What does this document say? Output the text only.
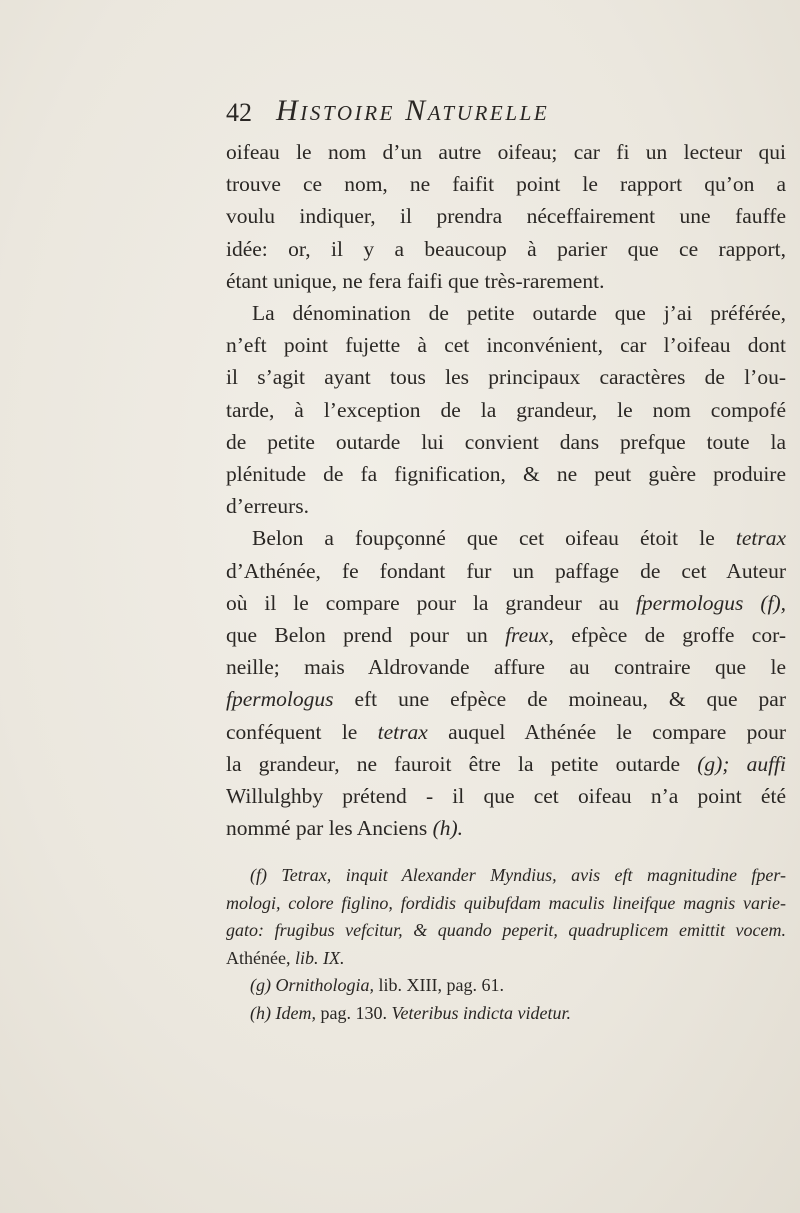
42 Histoire Naturelle
oifeau le nom d’un autre oifeau; car fi un lecteur qui
trouve ce nom, ne faifit point le rapport qu’on a
voulu indiquer, il prendra néceffairement une fauffe
idée: or, il y a beaucoup à parier que ce rapport,
étant unique, ne fera faifi que très-rarement.
La dénomination de petite outarde que j’ai préférée,
n’eft point fujette à cet inconvénient, car l’oifeau dont
il s’agit ayant tous les principaux caractères de l’ou-
tarde, à l’exception de la grandeur, le nom compofé
de petite outarde lui convient dans prefque toute la
plénitude de fa fignification, & ne peut guère produire
d’erreurs.
Belon a foupçonné que cet oifeau étoit le tetrax
d’Athénée, fe fondant fur un paffage de cet Auteur
où il le compare pour la grandeur au fpermologus (f),
que Belon prend pour un freux, efpèce de groffe cor-
neille; mais Aldrovande affure au contraire que le
fpermologus eft une efpèce de moineau, & que par
conféquent le tetrax auquel Athénée le compare pour
la grandeur, ne fauroit être la petite outarde (g); auffi
Willulghby prétend - il que cet oifeau n’a point été
nommé par les Anciens (h).
(f) Tetrax, inquit Alexander Myndius, avis eft magnitudine fper-
mologi, colore figlino, fordidis quibufdam maculis lineifque magnis varie-
gato: frugibus vefcitur, & quando peperit, quadruplicem emittit vocem.
Athénée, lib. IX.
(g) Ornithologia, lib. XIII, pag. 61.
(h) Idem, pag. 130. Veteribus indicta videtur.
